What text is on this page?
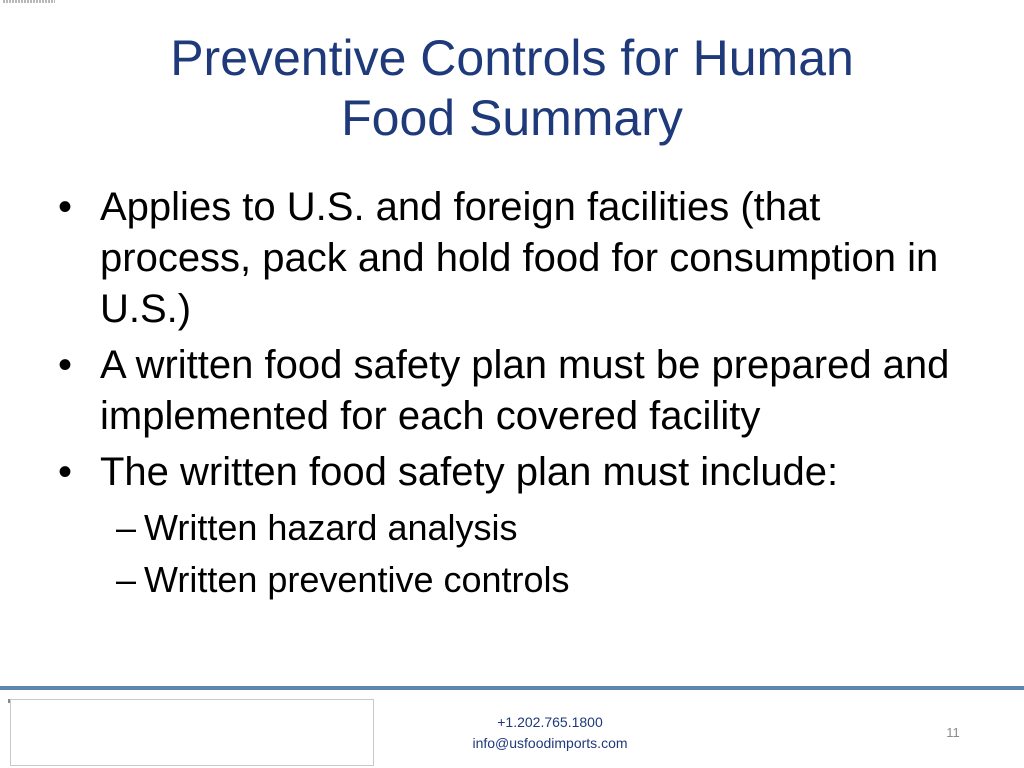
Preventive Controls for Human
Food Summary
• Applies to U.S. and foreign facilities (that process, pack and hold food for consumption in U.S.)
• A written food safety plan must be prepared and implemented for each covered facility
• The written food safety plan must include:
– Written hazard analysis
– Written preventive controls
+1.202.765.1800
info@usfoodimports.com
11
